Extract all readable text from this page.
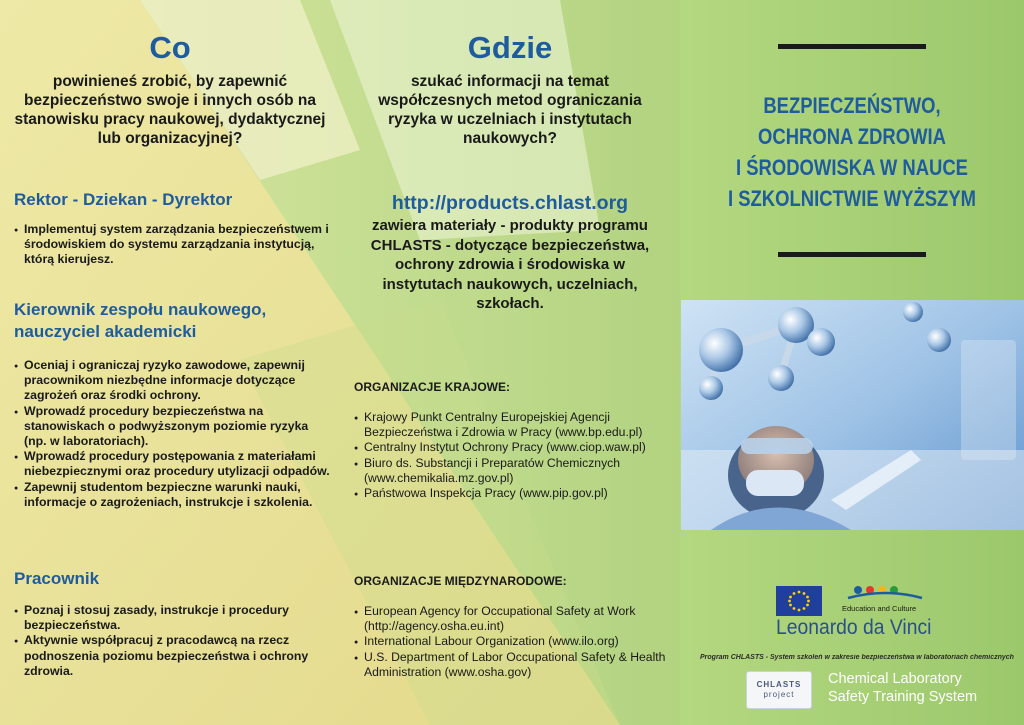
Co
powinieneś zrobić, by zapewnić bezpieczeństwo swoje i innych osób na stanowisku pracy naukowej, dydaktycznej lub organizacyjnej?
Rektor - Dziekan - Dyrektor
● Implementuj system zarządzania bezpieczeństwem i środowiskiem do systemu zarządzania instytucją, którą kierujesz.
Kierownik zespołu naukowego, nauczyciel akademicki
● Oceniaj i ograniczaj ryzyko zawodowe, zapewnij pracownikom niezbędne informacje dotyczące zagrożeń oraz środki ochrony.
● Wprowadź procedury bezpieczeństwa na stanowiskach o podwyższonym poziomie ryzyka (np. w laboratoriach).
● Wprowadź procedury postępowania z materiałami niebezpiecznymi oraz procedury utylizacji odpadów.
● Zapewnij studentom bezpieczne warunki nauki, informacje o zagrożeniach, instrukcje i szkolenia.
Pracownik
● Poznaj i stosuj zasady, instrukcje i procedury bezpieczeństwa.
● Aktywnie współpracuj z pracodawcą na rzecz podnoszenia poziomu bezpieczeństwa i ochrony zdrowia.
Gdzie
szukać informacji na temat współczesnych metod ograniczania ryzyka w uczelniach i instytutach naukowych?
http://products.chlast.org
zawiera materiały - produkty programu CHLASTS - dotyczące bezpieczeństwa, ochrony zdrowia i środowiska w instytutach naukowych, uczelniach, szkołach.
ORGANIZACJE KRAJOWE:
● Krajowy Punkt Centralny Europejskiej Agencji Bezpieczeństwa i Zdrowia w Pracy (www.bp.edu.pl)
● Centralny Instytut Ochrony Pracy (www.ciop.waw.pl)
● Biuro ds. Substancji i Preparatów Chemicznych (www.chemikalia.mz.gov.pl)
● Państwowa Inspekcja Pracy (www.pip.gov.pl)
ORGANIZACJE MIĘDZYNARODOWE:
● European Agency for Occupational Safety at Work (http://agency.osha.eu.int)
● International Labour Organization (www.ilo.org)
● U.S. Department of Labor Occupational Safety & Health Administration (www.osha.gov)
BEZPIECZEŃSTWO,
OCHRONA ZDROWIA
I ŚRODOWISKA W NAUCE
I SZKOLNICTWIE WYŻSZYM
Education and Culture
Leonardo da Vinci
Program CHLASTS - System szkoleń w zakresie bezpieczeństwa w laboratoriach chemicznych
CHLASTS
project
Chemical Laboratory
Safety Training System
